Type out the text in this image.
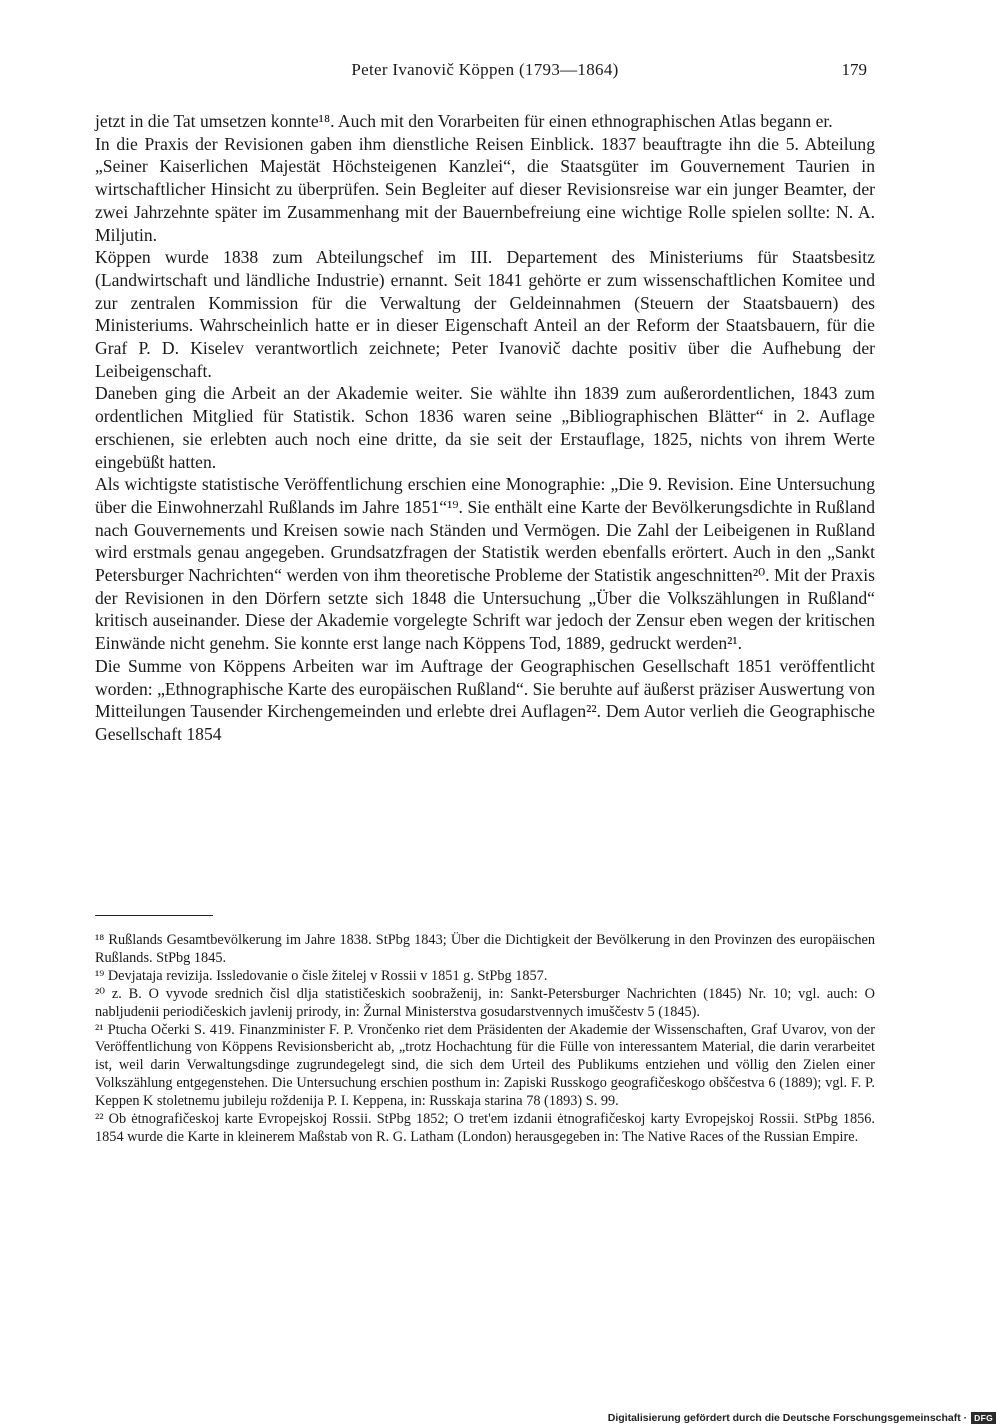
Peter Ivanovič Köppen (1793—1864)	179

jetzt in die Tat umsetzen konnte¹⁸. Auch mit den Vorarbeiten für einen ethnographischen Atlas begann er.

In die Praxis der Revisionen gaben ihm dienstliche Reisen Einblick. 1837 beauftragte ihn die 5. Abteilung „Seiner Kaiserlichen Majestät Höchsteigenen Kanzlei“, die Staatsgüter im Gouvernement Taurien in wirtschaftlicher Hinsicht zu überprüfen. Sein Begleiter auf dieser Revisionsreise war ein junger Beamter, der zwei Jahrzehnte später im Zusammenhang mit der Bauernbefreiung eine wichtige Rolle spielen sollte: N. A. Miljutin.

Köppen wurde 1838 zum Abteilungschef im III. Departement des Ministeriums für Staatsbesitz (Landwirtschaft und ländliche Industrie) ernannt. Seit 1841 gehörte er zum wissenschaftlichen Komitee und zur zentralen Kommission für die Verwaltung der Geldeinnahmen (Steuern der Staatsbauern) des Ministeriums. Wahrscheinlich hatte er in dieser Eigenschaft Anteil an der Reform der Staatsbauern, für die Graf P. D. Kiselev verantwortlich zeichnete; Peter Ivanovič dachte positiv über die Aufhebung der Leibeigenschaft.

Daneben ging die Arbeit an der Akademie weiter. Sie wählte ihn 1839 zum außerordentlichen, 1843 zum ordentlichen Mitglied für Statistik. Schon 1836 waren seine „Bibliographischen Blätter“ in 2. Auflage erschienen, sie erlebten auch noch eine dritte, da sie seit der Erstauflage, 1825, nichts von ihrem Werte eingebüßt hatten.

Als wichtigste statistische Veröffentlichung erschien eine Monographie: „Die 9. Revision. Eine Untersuchung über die Einwohnerzahl Rußlands im Jahre 1851“¹⁹. Sie enthält eine Karte der Bevölkerungsdichte in Rußland nach Gouvernements und Kreisen sowie nach Ständen und Vermögen. Die Zahl der Leibeigenen in Rußland wird erstmals genau angegeben. Grundsatzfragen der Statistik werden ebenfalls erörtert. Auch in den „Sankt Petersburger Nachrichten“ werden von ihm theoretische Probleme der Statistik angeschnitten²⁰. Mit der Praxis der Revisionen in den Dörfern setzte sich 1848 die Untersuchung „Über die Volkszählungen in Rußland“ kritisch auseinander. Diese der Akademie vorgelegte Schrift war jedoch der Zensur eben wegen der kritischen Einwände nicht genehm. Sie konnte erst lange nach Köppens Tod, 1889, gedruckt werden²¹.

Die Summe von Köppens Arbeiten war im Auftrage der Geographischen Gesellschaft 1851 veröffentlicht worden: „Ethnographische Karte des europäischen Rußland“. Sie beruhte auf äußerst präziser Auswertung von Mitteilungen Tausender Kirchengemeinden und erlebte drei Auflagen²². Dem Autor verlieh die Geographische Gesellschaft 1854

¹⁸ Rußlands Gesamtbevölkerung im Jahre 1838. StPbg 1843; Über die Dichtigkeit der Bevölkerung in den Provinzen des europäischen Rußlands. StPbg 1845.

¹⁹ Devjataja revizija. Issledovanie o čisle žitelej v Rossii v 1851 g. StPbg 1857.

²⁰ z. B. O vyvode srednich čisl dlja statističeskich soobraženij, in: Sankt-Petersburger Nachrichten (1845) Nr. 10; vgl. auch: O nabljudenii periodičeskich javlenij prirody, in: Žurnal Ministerstva gosudarstvennych imuščestv 5 (1845).

²¹ Ptucha Očerki S. 419. Finanzminister F. P. Vrončenko riet dem Präsidenten der Akademie der Wissenschaften, Graf Uvarov, von der Veröffentlichung von Köppens Revisionsbericht ab, „trotz Hochachtung für die Fülle von interessantem Material, die darin verarbeitet ist, weil darin Verwaltungsdinge zugrundegelegt sind, die sich dem Urteil des Publikums entziehen und völlig den Zielen einer Volkszählung entgegenstehen. Die Untersuchung erschien posthum in: Zapiski Russkogo geografičeskogo obščestva 6 (1889); vgl. F. P. Keppen K stoletnemu jubileju roždenija P. I. Keppena, in: Russkaja starina 78 (1893) S. 99.

²² Ob ėtnografičeskoj karte Evropejskoj Rossii. StPbg 1852; O tret'em izdanii ėtnografičeskoj karty Evropejskoj Rossii. StPbg 1856. 1854 wurde die Karte in kleinerem Maßstab von R. G. Latham (London) herausgegeben in: The Native Races of the Russian Empire.

Digitalisierung gefördert durch die Deutsche Forschungsgemeinschaft · DFG
